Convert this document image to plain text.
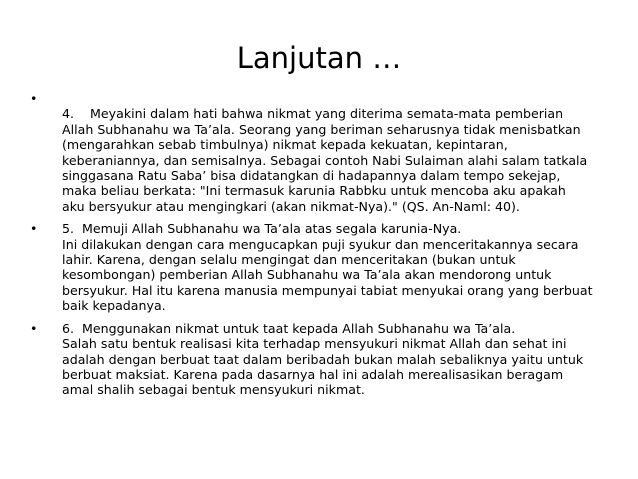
Lanjutan …
•

4.    Meyakini dalam hati bahwa nikmat yang diterima semata-mata pemberian

Allah Subhanahu wa Ta’ala. Seorang yang beriman seharusnya tidak menisbatkan

(mengarahkan sebab timbulnya) nikmat kepada kekuatan, kepintaran,

keberaniannya, dan semisalnya. Sebagai contoh Nabi Sulaiman alahi salam tatkala

singgasana Ratu Saba’ bisa didatangkan di hadapannya dalam tempo sekejap,

maka beliau berkata: "Ini termasuk karunia Rabbku untuk mencoba aku apakah

aku bersyukur atau mengingkari (akan nikmat-Nya)." (QS. An-Naml: 40).

• 5.  Memuji Allah Subhanahu wa Ta’ala atas segala karunia-Nya.

Ini dilakukan dengan cara mengucapkan puji syukur dan menceritakannya secara

lahir. Karena, dengan selalu mengingat dan menceritakan (bukan untuk

kesombongan) pemberian Allah Subhanahu wa Ta’ala akan mendorong untuk

bersyukur. Hal itu karena manusia mempunyai tabiat menyukai orang yang berbuat

baik kepadanya.

• 6.  Menggunakan nikmat untuk taat kepada Allah Subhanahu wa Ta’ala.

Salah satu bentuk realisasi kita terhadap mensyukuri nikmat Allah dan sehat ini

adalah dengan berbuat taat dalam beribadah bukan malah sebaliknya yaitu untuk

berbuat maksiat. Karena pada dasarnya hal ini adalah merealisasikan beragam

amal shalih sebagai bentuk mensyukuri nikmat.
